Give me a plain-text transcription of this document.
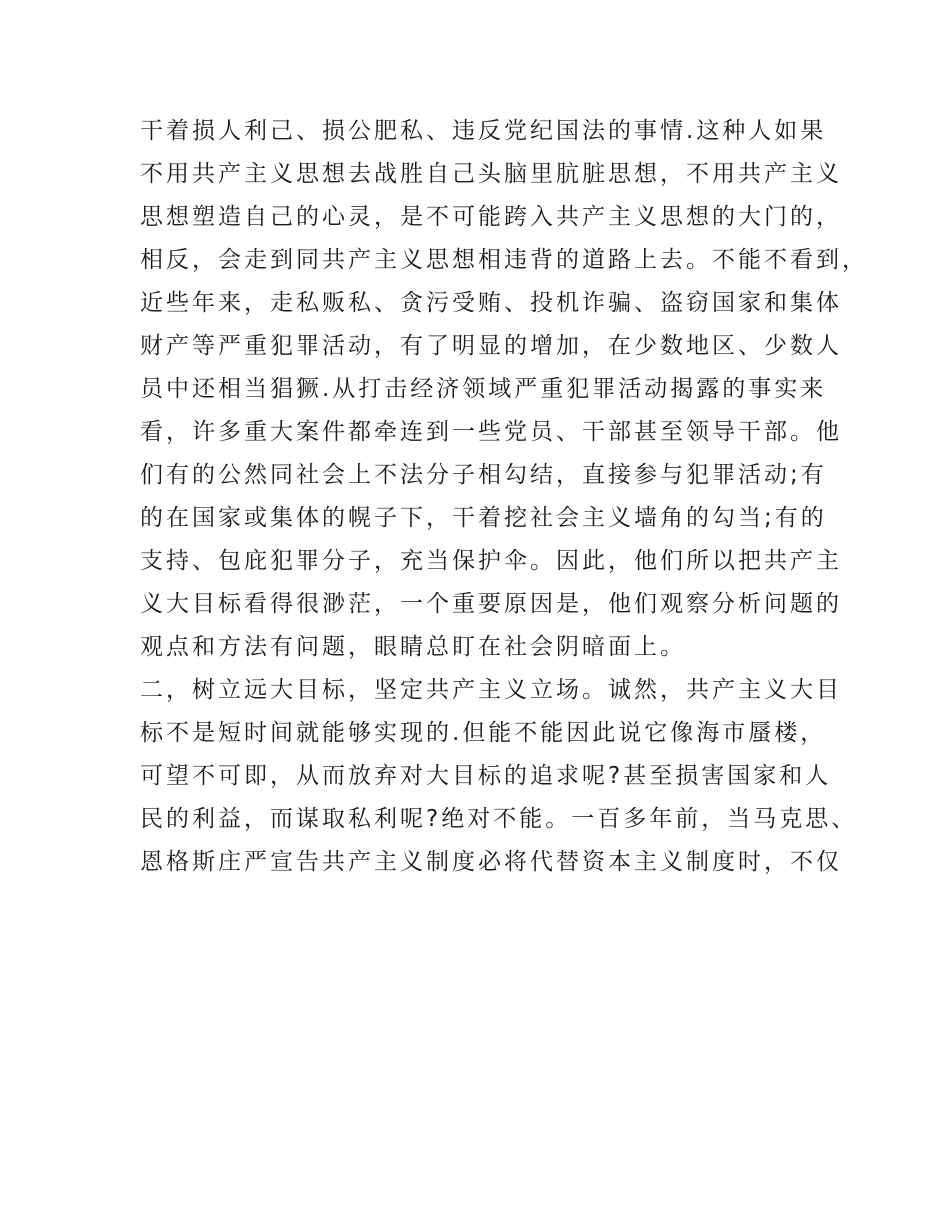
干着损人利己、损公肥私、违反党纪国法的事情.这种人如果
不用共产主义思想去战胜自己头脑里肮脏思想，不用共产主义
思想塑造自己的心灵，是不可能跨入共产主义思想的大门的，
相反，会走到同共产主义思想相违背的道路上去。不能不看到，
近些年来，走私贩私、贪污受贿、投机诈骗、盗窃国家和集体
财产等严重犯罪活动，有了明显的增加，在少数地区、少数人
员中还相当猖獗.从打击经济领域严重犯罪活动揭露的事实来
看，许多重大案件都牵连到一些党员、干部甚至领导干部。他
们有的公然同社会上不法分子相勾结，直接参与犯罪活动;有
的在国家或集体的幌子下，干着挖社会主义墙角的勾当;有的
支持、包庇犯罪分子，充当保护伞。因此，他们所以把共产主
义大目标看得很渺茫，一个重要原因是，他们观察分析问题的
观点和方法有问题，眼睛总盯在社会阴暗面上。
二，树立远大目标，坚定共产主义立场。诚然，共产主义大目
标不是短时间就能够实现的.但能不能因此说它像海市蜃楼，
可望不可即，从而放弃对大目标的追求呢?甚至损害国家和人
民的利益，而谋取私利呢?绝对不能。一百多年前，当马克思、
恩格斯庄严宣告共产主义制度必将代替资本主义制度时，不仅
